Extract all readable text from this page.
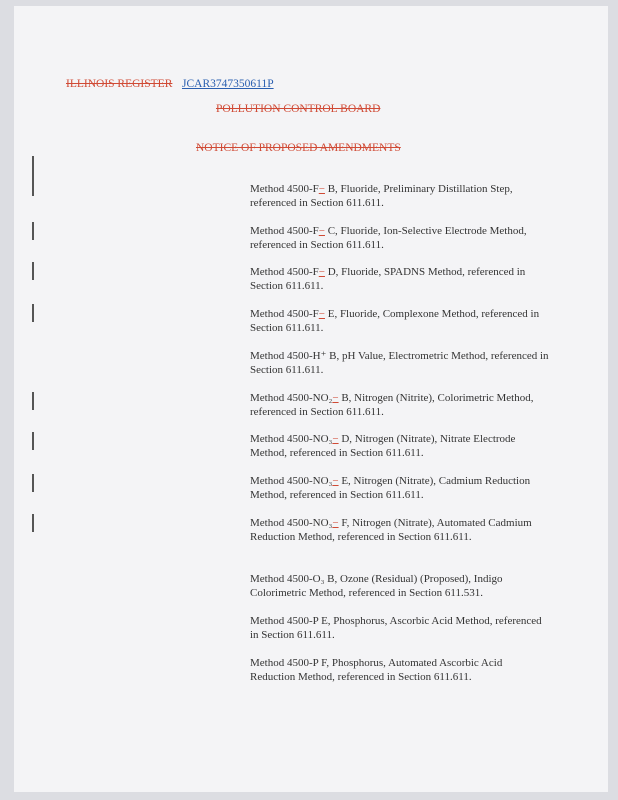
ILLINOIS REGISTER JCAR3747350611P
POLLUTION CONTROL BOARD
NOTICE OF PROPOSED AMENDMENTS
Method 4500-F− B, Fluoride, Preliminary Distillation Step, referenced in Section 611.611.
Method 4500-F− C, Fluoride, Ion-Selective Electrode Method, referenced in Section 611.611.
Method 4500-F− D, Fluoride, SPADNS Method, referenced in Section 611.611.
Method 4500-F− E, Fluoride, Complexone Method, referenced in Section 611.611.
Method 4500-H⁺ B, pH Value, Electrometric Method, referenced in Section 611.611.
Method 4500-NO₂− B, Nitrogen (Nitrite), Colorimetric Method, referenced in Section 611.611.
Method 4500-NO₃− D, Nitrogen (Nitrate), Nitrate Electrode Method, referenced in Section 611.611.
Method 4500-NO₃− E, Nitrogen (Nitrate), Cadmium Reduction Method, referenced in Section 611.611.
Method 4500-NO₃− F, Nitrogen (Nitrate), Automated Cadmium Reduction Method, referenced in Section 611.611.
Method 4500-O₃ B, Ozone (Residual) (Proposed), Indigo Colorimetric Method, referenced in Section 611.531.
Method 4500-P E, Phosphorus, Ascorbic Acid Method, referenced in Section 611.611.
Method 4500-P F, Phosphorus, Automated Ascorbic Acid Reduction Method, referenced in Section 611.611.
